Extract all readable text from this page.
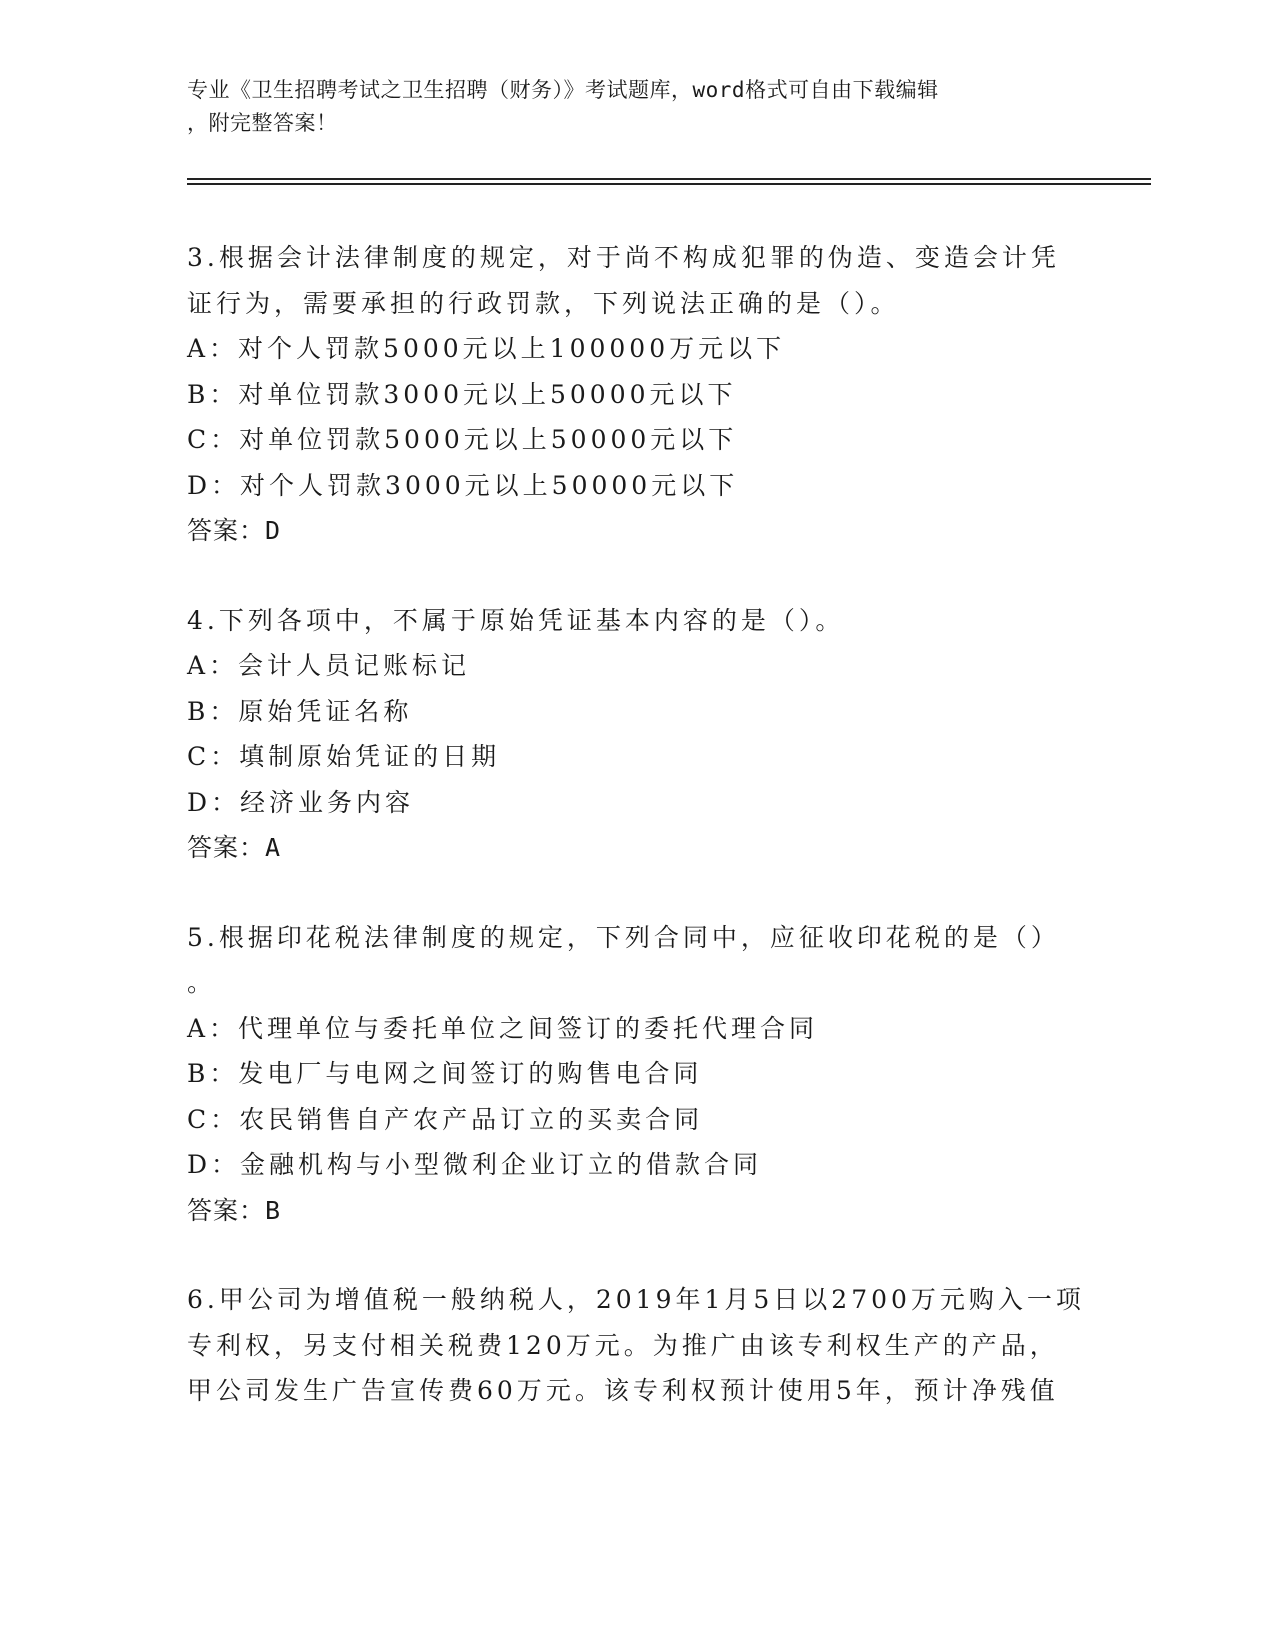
专业《卫生招聘考试之卫生招聘（财务）》考试题库，word格式可自由下载编辑
，附完整答案！
3.根据会计法律制度的规定，对于尚不构成犯罪的伪造、变造会计凭
证行为，需要承担的行政罚款，下列说法正确的是（）。
A：对个人罚款5000元以上100000万元以下
B：对单位罚款3000元以上50000元以下
C：对单位罚款5000元以上50000元以下
D：对个人罚款3000元以上50000元以下
答案：D
4.下列各项中，不属于原始凭证基本内容的是（）。
A：会计人员记账标记
B：原始凭证名称
C：填制原始凭证的日期
D：经济业务内容
答案：A
5.根据印花税法律制度的规定，下列合同中，应征收印花税的是（）
。
A：代理单位与委托单位之间签订的委托代理合同
B：发电厂与电网之间签订的购售电合同
C：农民销售自产农产品订立的买卖合同
D：金融机构与小型微利企业订立的借款合同
答案：B
6.甲公司为增值税一般纳税人，2019年1月5日以2700万元购入一项
专利权，另支付相关税费120万元。为推广由该专利权生产的产品，
甲公司发生广告宣传费60万元。该专利权预计使用5年，预计净残值
